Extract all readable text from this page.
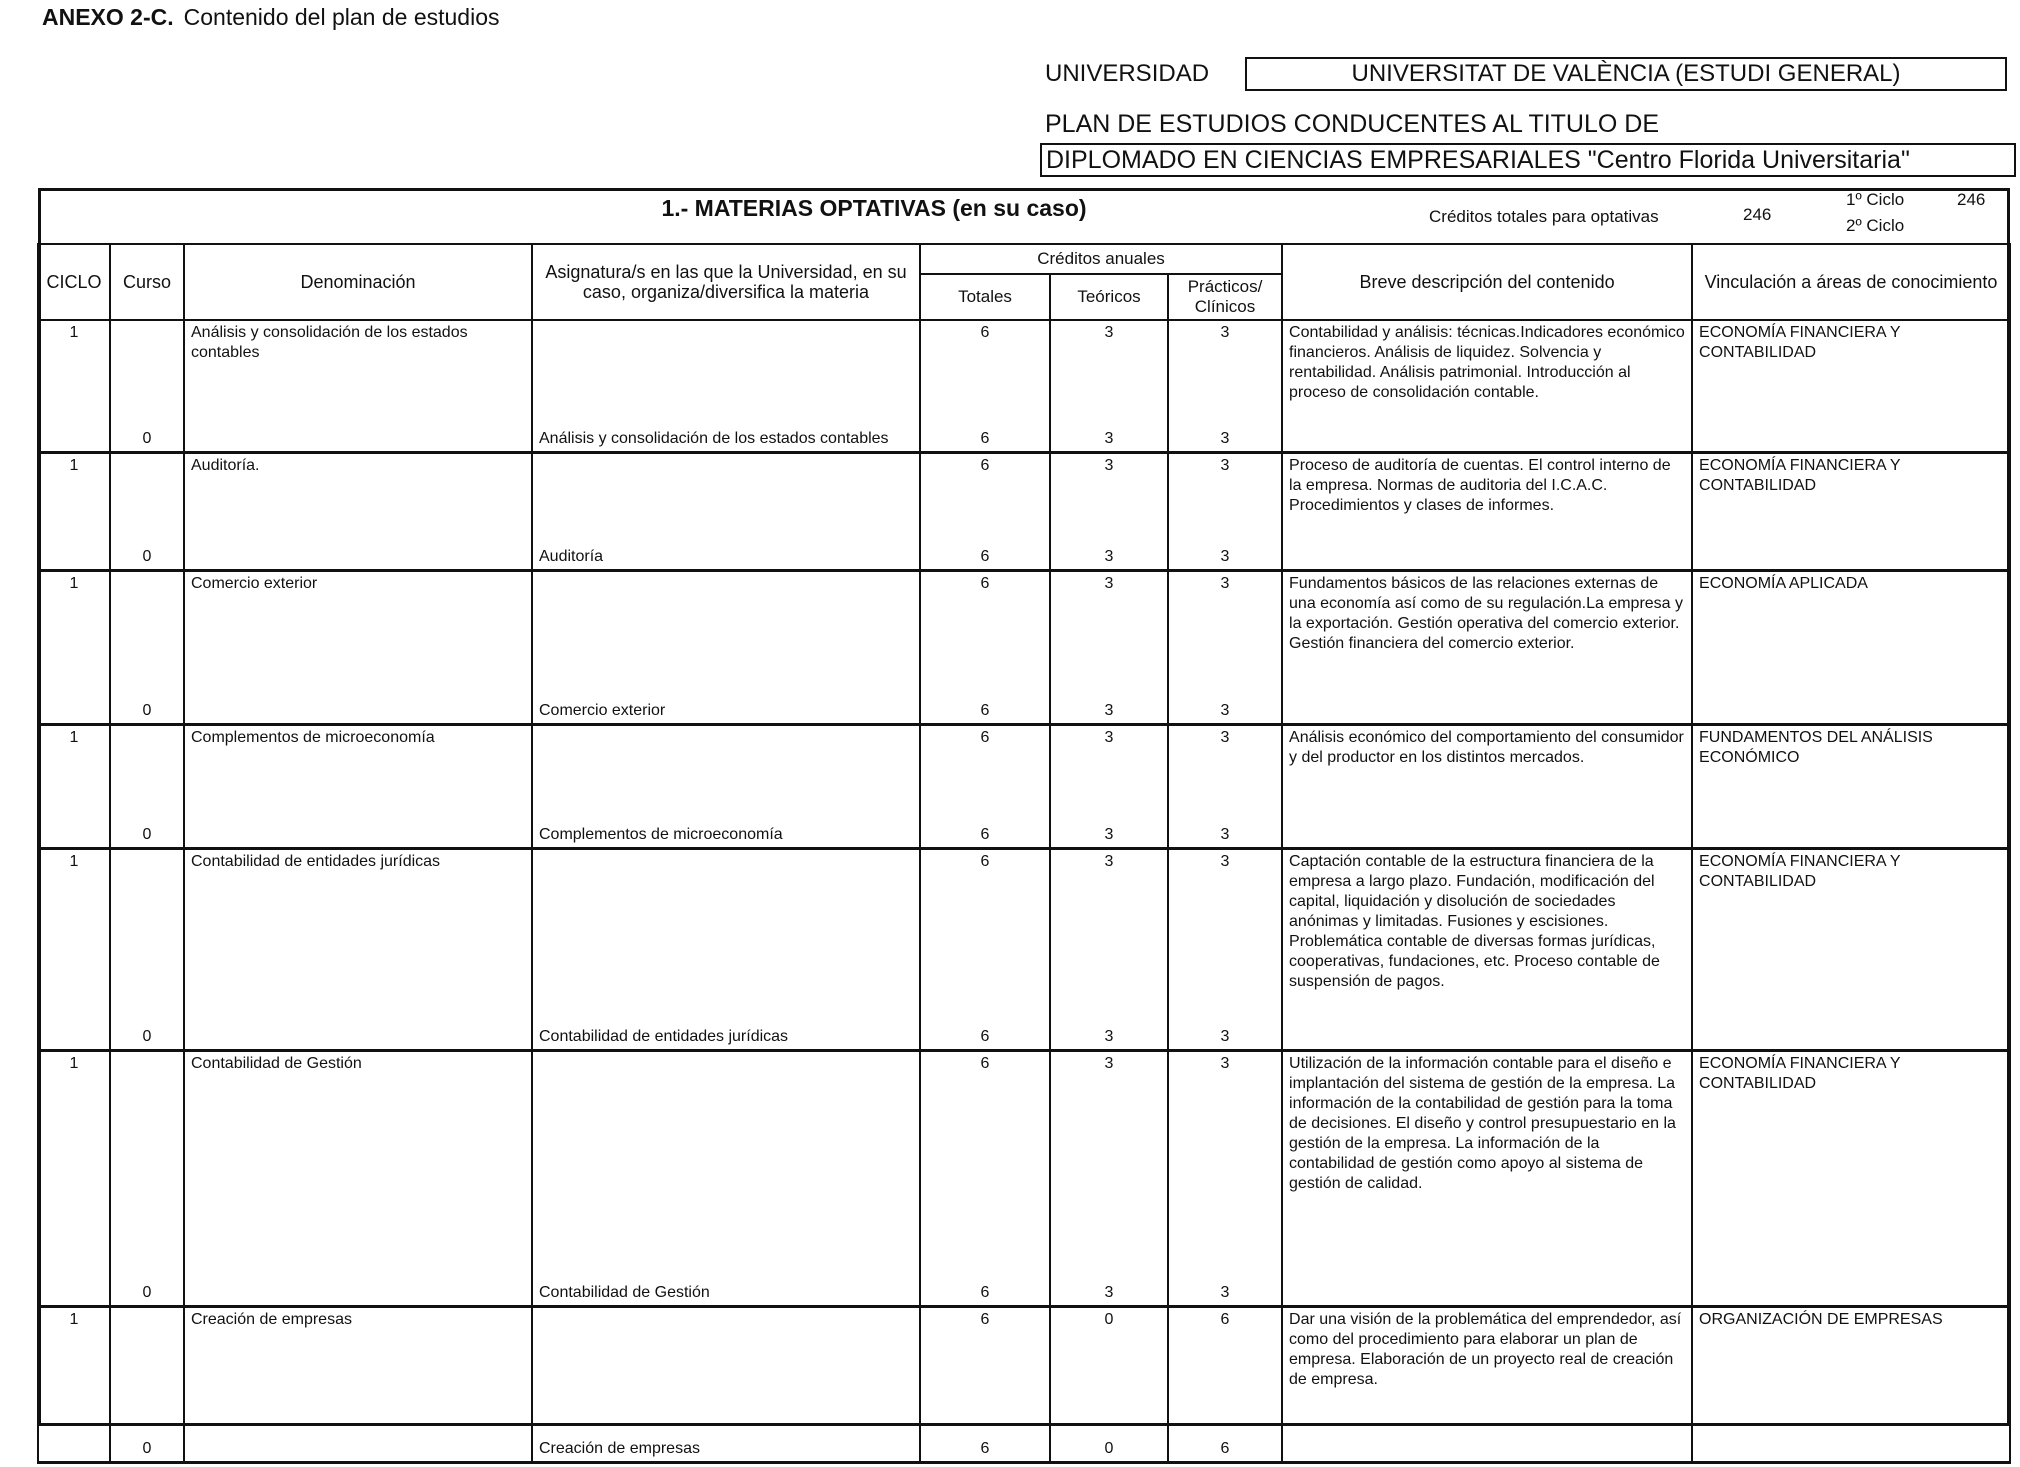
ANEXO 2-C. Contenido del plan de estudios
UNIVERSIDAD	UNIVERSITAT DE VALÈNCIA (ESTUDI GENERAL)
PLAN DE ESTUDIOS CONDUCENTES AL TITULO DE
DIPLOMADO EN CIENCIAS EMPRESARIALES "Centro Florida Universitaria"
1.- MATERIAS OPTATIVAS (en su caso)	Créditos totales para optativas	246
1º Ciclo	246
2º Ciclo
CICLO	Curso	Denominación	Asignatura/s en las que la Universidad, en su caso, organiza/diversifica la materia	Créditos anuales			Breve descripción del contenido	Vinculación a áreas de conocimiento
				Totales	Teóricos	Prácticos/ Clínicos		
1		Análisis y consolidación de los estados contables		6	3	3	Contabilidad y análisis: técnicas.Indicadores económico financieros. Análisis de liquidez. Solvencia y rentabilidad. Análisis patrimonial. Introducción al proceso de consolidación contable.	ECONOMÍA FINANCIERA Y CONTABILIDAD
	0		Análisis y consolidación de los estados contables	6	3	3		
1		Auditoría.		6	3	3	Proceso de auditoría de cuentas. El control interno de la empresa. Normas de auditoria del I.C.A.C. Procedimientos y clases de informes.	ECONOMÍA FINANCIERA Y CONTABILIDAD
	0		Auditoría	6	3	3		
1		Comercio exterior		6	3	3	Fundamentos básicos de las relaciones externas de una economía así como de su regulación.La empresa y la exportación. Gestión operativa del comercio exterior. Gestión financiera del comercio exterior.	ECONOMÍA APLICADA
	0		Comercio exterior	6	3	3		
1		Complementos de microeconomía		6	3	3	Análisis económico del comportamiento del consumidor y del productor en los distintos mercados.	FUNDAMENTOS DEL ANÁLISIS ECONÓMICO
	0		Complementos de microeconomía	6	3	3		
1		Contabilidad de entidades jurídicas		6	3	3	Captación contable de la estructura financiera de la empresa a largo plazo. Fundación, modificación del capital, liquidación y disolución de sociedades anónimas y limitadas. Fusiones y escisiones. Problemática contable de diversas formas jurídicas, cooperativas, fundaciones, etc. Proceso contable de suspensión de pagos.	ECONOMÍA FINANCIERA Y CONTABILIDAD
	0		Contabilidad de entidades jurídicas	6	3	3		
1		Contabilidad de Gestión		6	3	3	Utilización de la información contable para el diseño e implantación del sistema de gestión de la empresa. La información de la contabilidad de gestión para la toma de decisiones. El diseño y control presupuestario en la gestión de la empresa. La información de la contabilidad de gestión como apoyo al sistema de gestión de calidad.	ECONOMÍA FINANCIERA Y CONTABILIDAD
	0		Contabilidad de Gestión	6	3	3		
1		Creación de empresas		6	0	6	Dar una visión de la problemática del emprendedor, así como del procedimiento para elaborar un plan de empresa. Elaboración de un proyecto real de creación de empresa.	ORGANIZACIÓN DE EMPRESAS
	0		Creación de empresas	6	0	6		
